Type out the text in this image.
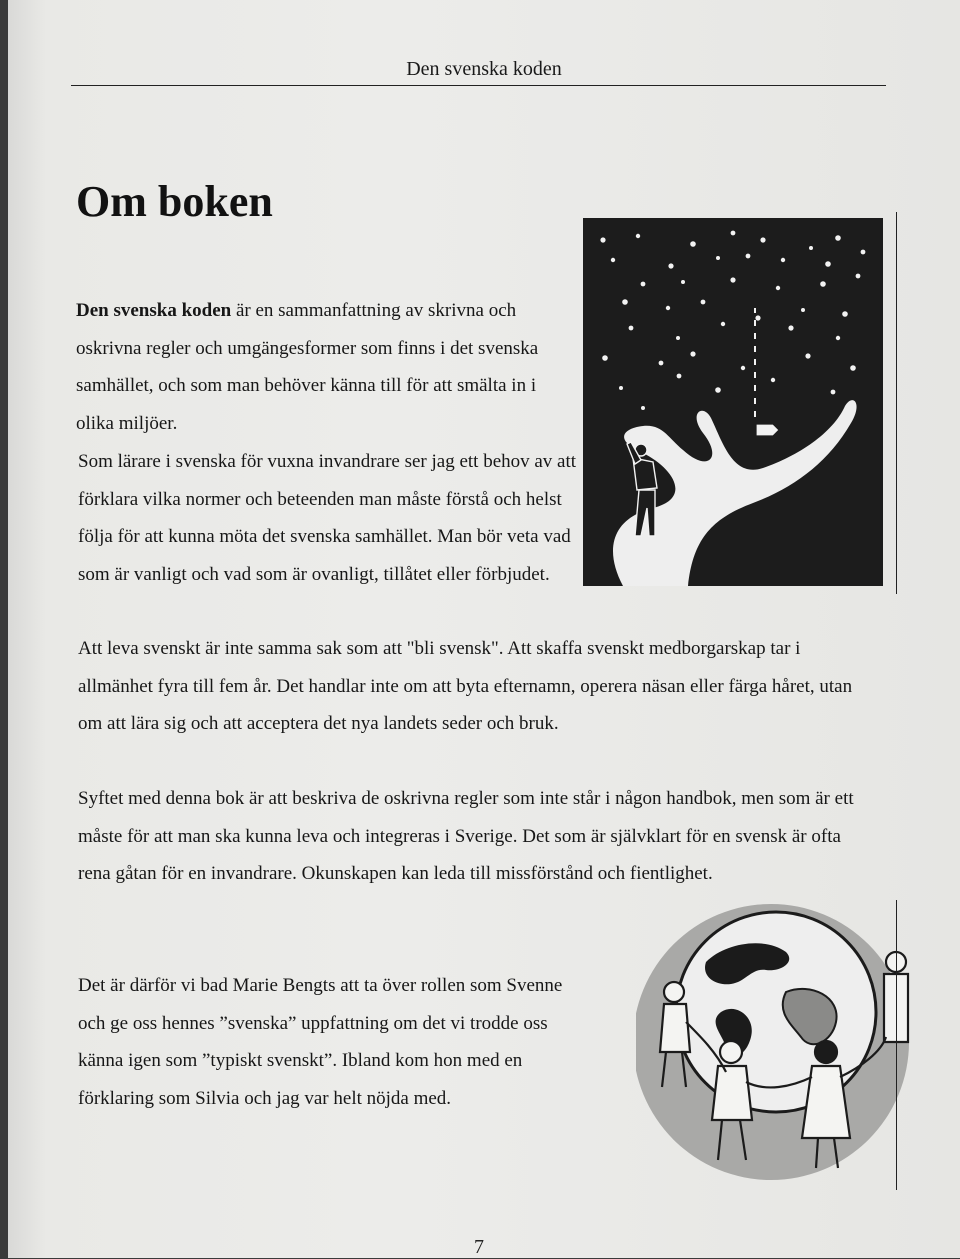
Den svenska koden
Om boken

Den svenska koden är en sammanfattning av skrivna och oskrivna regler och umgängesformer som finns i det svenska samhället, och som man behöver känna till för att smälta in i olika miljöer.

Som lärare i svenska för vuxna invandrare ser jag ett behov av att förklara vilka normer och beteenden man måste förstå och helst följa för att kunna möta det svenska samhället. Man bör veta vad som är vanligt och vad som är ovanligt, tillåtet eller förbjudet.

Att leva svenskt är inte samma sak som att "bli svensk". Att skaffa svenskt medborgarskap tar i allmänhet fyra till fem år. Det handlar inte om att byta efternamn, operera näsan eller färga håret, utan om att lära sig och att acceptera det nya landets seder och bruk.

Syftet med denna bok är att beskriva de oskrivna regler som inte står i någon handbok, men som är ett måste för att man ska kunna leva och integreras i Sverige. Det som är självklart för en svensk är ofta rena gåtan för en invandrare. Okunskapen kan leda till missförstånd och fientlighet.

Det är därför vi bad Marie Bengts att ta över rollen som Svenne och ge oss hennes ”svenska” uppfattning om det vi trodde oss känna igen som ”typiskt svenskt”. Ibland kom hon med en förklaring som Silvia och jag var helt nöjda med.

7
